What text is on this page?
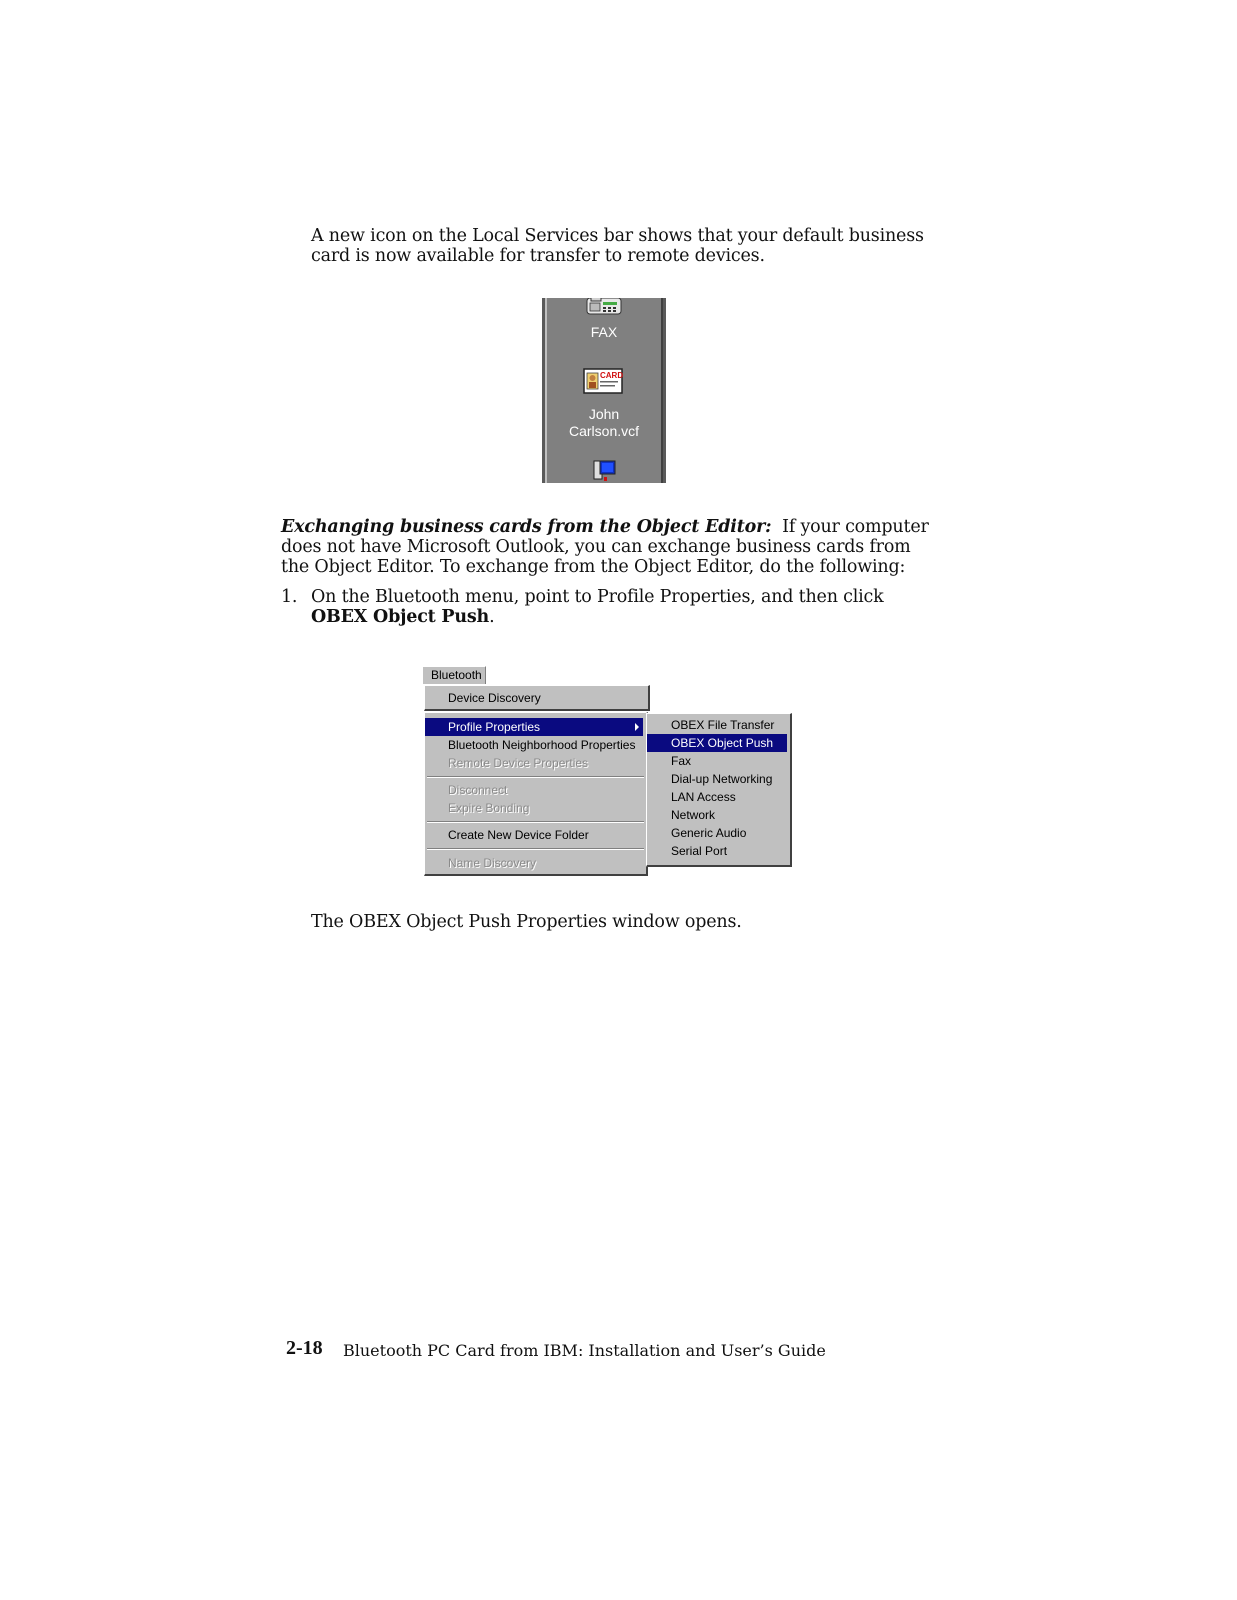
A new icon on the Local Services bar shows that your default business card is now available for transfer to remote devices.
FAX
CARD
John
Carlson.vcf
Exchanging business cards from the Object Editor: If your computer does not have Microsoft Outlook, you can exchange business cards from the Object Editor. To exchange from the Object Editor, do the following:
1. On the Bluetooth menu, point to Profile Properties, and then click OBEX Object Push.
Bluetooth
Device Discovery
Profile Properties
Bluetooth Neighborhood Properties
Remote Device Properties
Disconnect
Expire Bonding
Create New Device Folder
Name Discovery
OBEX File Transfer
OBEX Object Push
Fax
Dial-up Networking
LAN Access
Network
Generic Audio
Serial Port
The OBEX Object Push Properties window opens.
2-18 Bluetooth PC Card from IBM: Installation and User’s Guide
